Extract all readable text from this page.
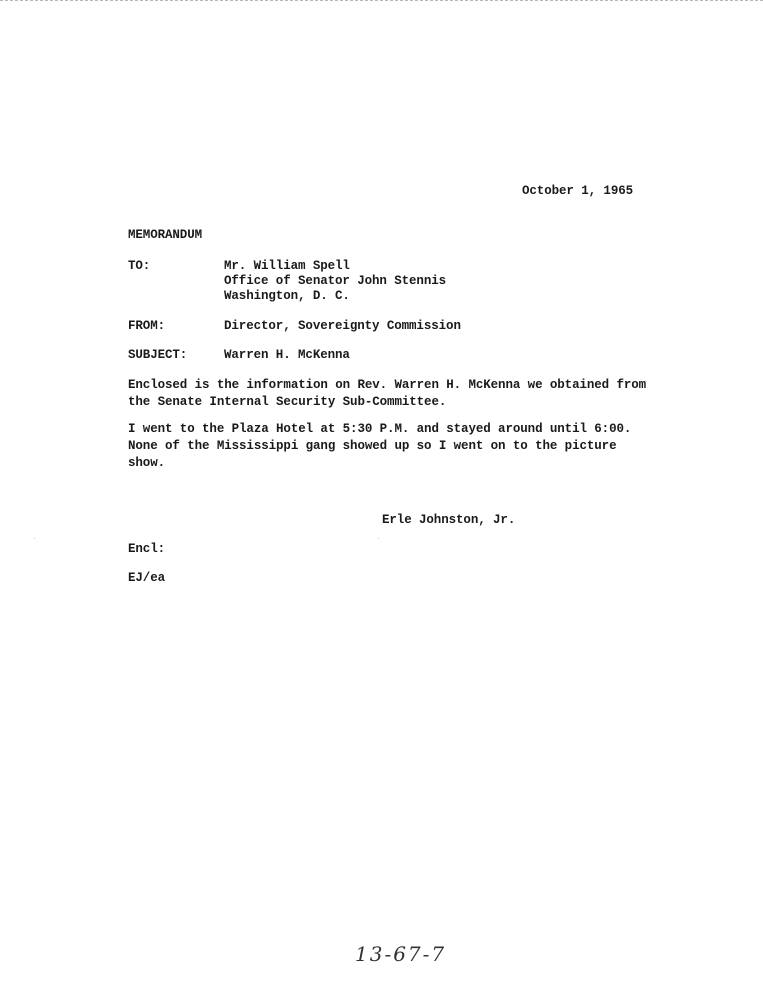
October 1, 1965
MEMORANDUM
TO:	Mr. William Spell
Office of Senator John Stennis
Washington, D. C.
FROM:	Director, Sovereignty Commission
SUBJECT:	Warren H. McKenna

Enclosed is the information on Rev. Warren H. McKenna we obtained from
the Senate Internal Security Sub-Committee.

I went to the Plaza Hotel at 5:30 P.M. and stayed around until 6:00.
None of the Mississippi gang showed up so I went on to the picture
show.

Erle Johnston, Jr.
Encl:
EJ/ea
13-67-7
